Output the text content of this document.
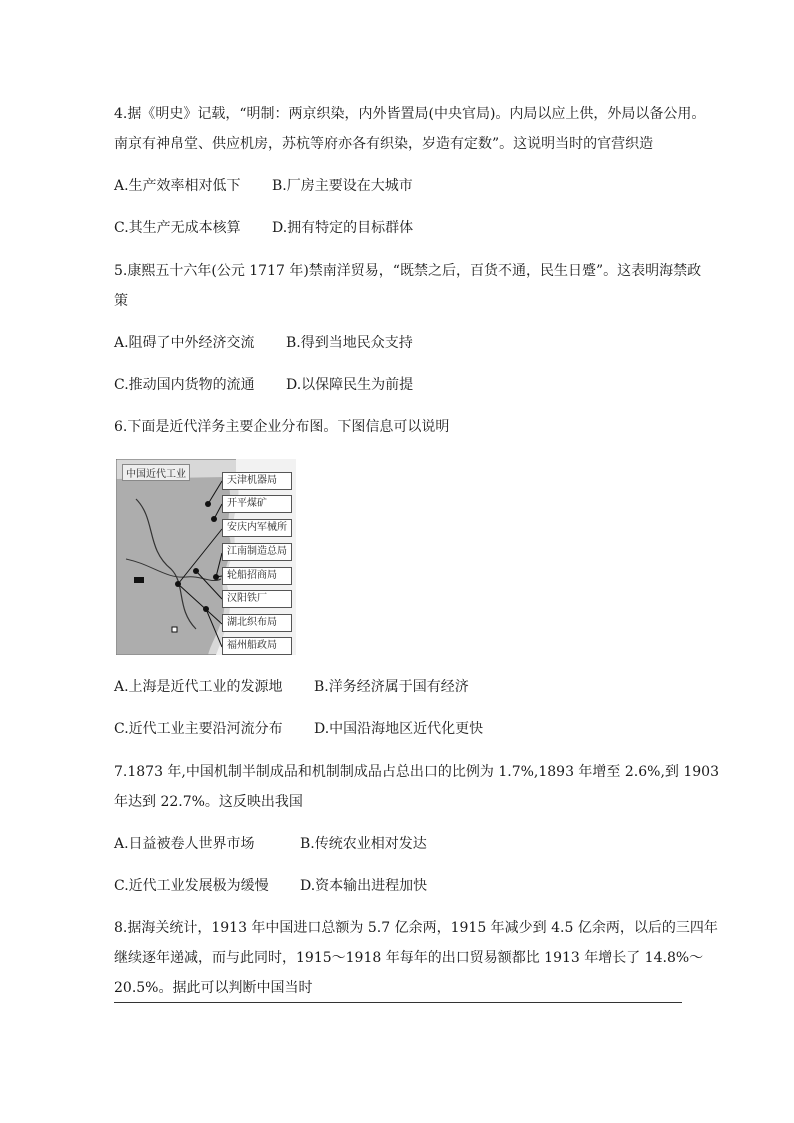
4.据《明史》记载，“明制：两京织染，内外皆置局(中央官局)。内局以应上供，外局以备公用。
南京有神帛堂、供应机房，苏杭等府亦各有织染，岁造有定数”。这说明当时的官营织造
A.生产效率相对低下 B.厂房主要设在大城市
C.其生产无成本核算 D.拥有特定的目标群体
5.康熙五十六年(公元 1717 年)禁南洋贸易，“既禁之后，百货不通，民生日蹙”。这表明海禁政
策
A.阻碍了中外经济交流 B.得到当地民众支持
C.推动国内货物的流通 D.以保障民生为前提
6.下面是近代洋务主要企业分布图。下图信息可以说明
中国近代工业
天津机器局
开平煤矿
安庆内军械所
江南制造总局
轮船招商局
汉阳铁厂
湖北织布局
福州船政局
A.上海是近代工业的发源地 B.洋务经济属于国有经济
C.近代工业主要沿河流分布 D.中国沿海地区近代化更快
7.1873 年,中国机制半制成品和机制制成品占总出口的比例为 1.7%,1893 年增至 2.6%,到 1903
年达到 22.7%。这反映出我国
A.日益被卷人世界市场	B.传统农业相对发达
C.近代工业发展极为缓慢 D.资本输出进程加快
8.据海关统计，1913 年中国进口总额为 5.7 亿余两，1915 年减少到 4.5 亿余两，以后的三四年
继续逐年递减，而与此同时，1915～1918 年每年的出口贸易额都比 1913 年增长了 14.8%～
20.5%。据此可以判断中国当时
